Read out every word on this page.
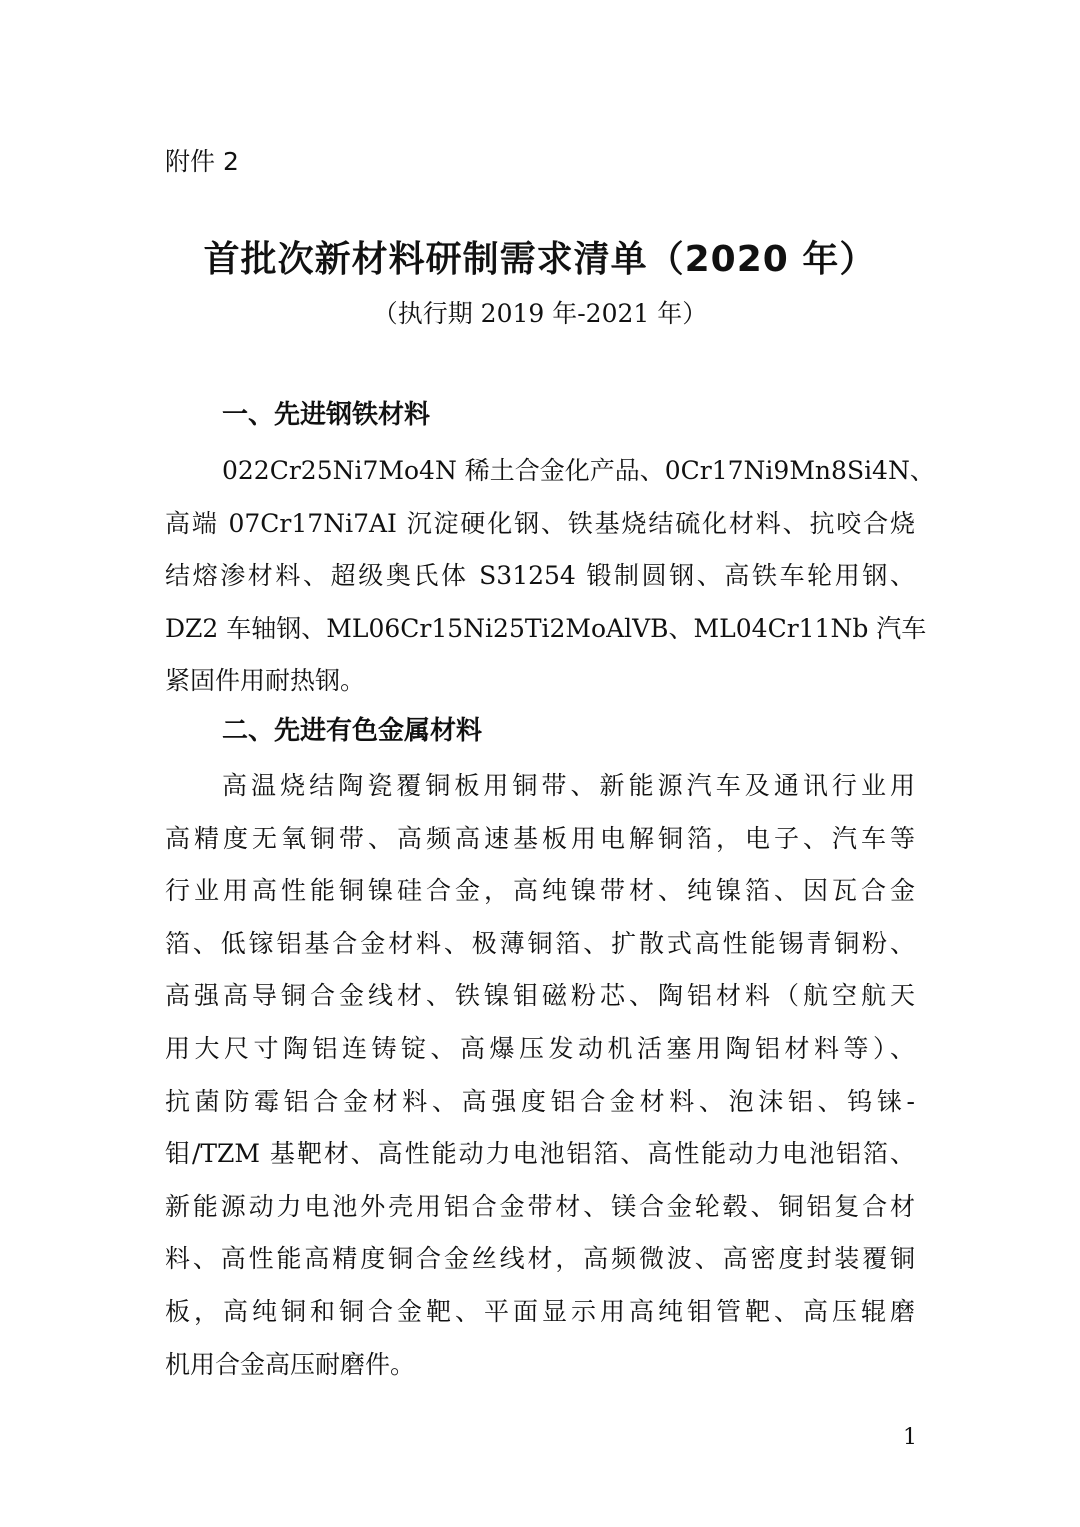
附件 2
首批次新材料研制需求清单（2020 年）
（执行期 2019 年-2021 年）
一、先进钢铁材料
022Cr25Ni7Mo4N 稀土合金化产品、0Cr17Ni9Mn8Si4N、
高端 07Cr17Ni7AI 沉淀硬化钢、铁基烧结硫化材料、抗咬合烧
结熔渗材料、超级奥氏体 S31254 锻制圆钢、高铁车轮用钢、
DZ2 车轴钢、ML06Cr15Ni25Ti2MoAlVB、ML04Cr11Nb 汽车
紧固件用耐热钢。
二、先进有色金属材料
高温烧结陶瓷覆铜板用铜带、新能源汽车及通讯行业用
高精度无氧铜带、高频高速基板用电解铜箔，电子、汽车等
行业用高性能铜镍硅合金，高纯镍带材、纯镍箔、因瓦合金
箔、低镓铝基合金材料、极薄铜箔、扩散式高性能锡青铜粉、
高强高导铜合金线材、铁镍钼磁粉芯、陶铝材料（航空航天
用大尺寸陶铝连铸锭、高爆压发动机活塞用陶铝材料等）、
抗菌防霉铝合金材料、高强度铝合金材料、泡沫铝、钨铼-
钼/TZM 基靶材、高性能动力电池铝箔、高性能动力电池铝箔、
新能源动力电池外壳用铝合金带材、镁合金轮毂、铜铝复合材
料、高性能高精度铜合金丝线材，高频微波、高密度封装覆铜
板，高纯铜和铜合金靶、平面显示用高纯钼管靶、高压辊磨
机用合金高压耐磨件。
1
